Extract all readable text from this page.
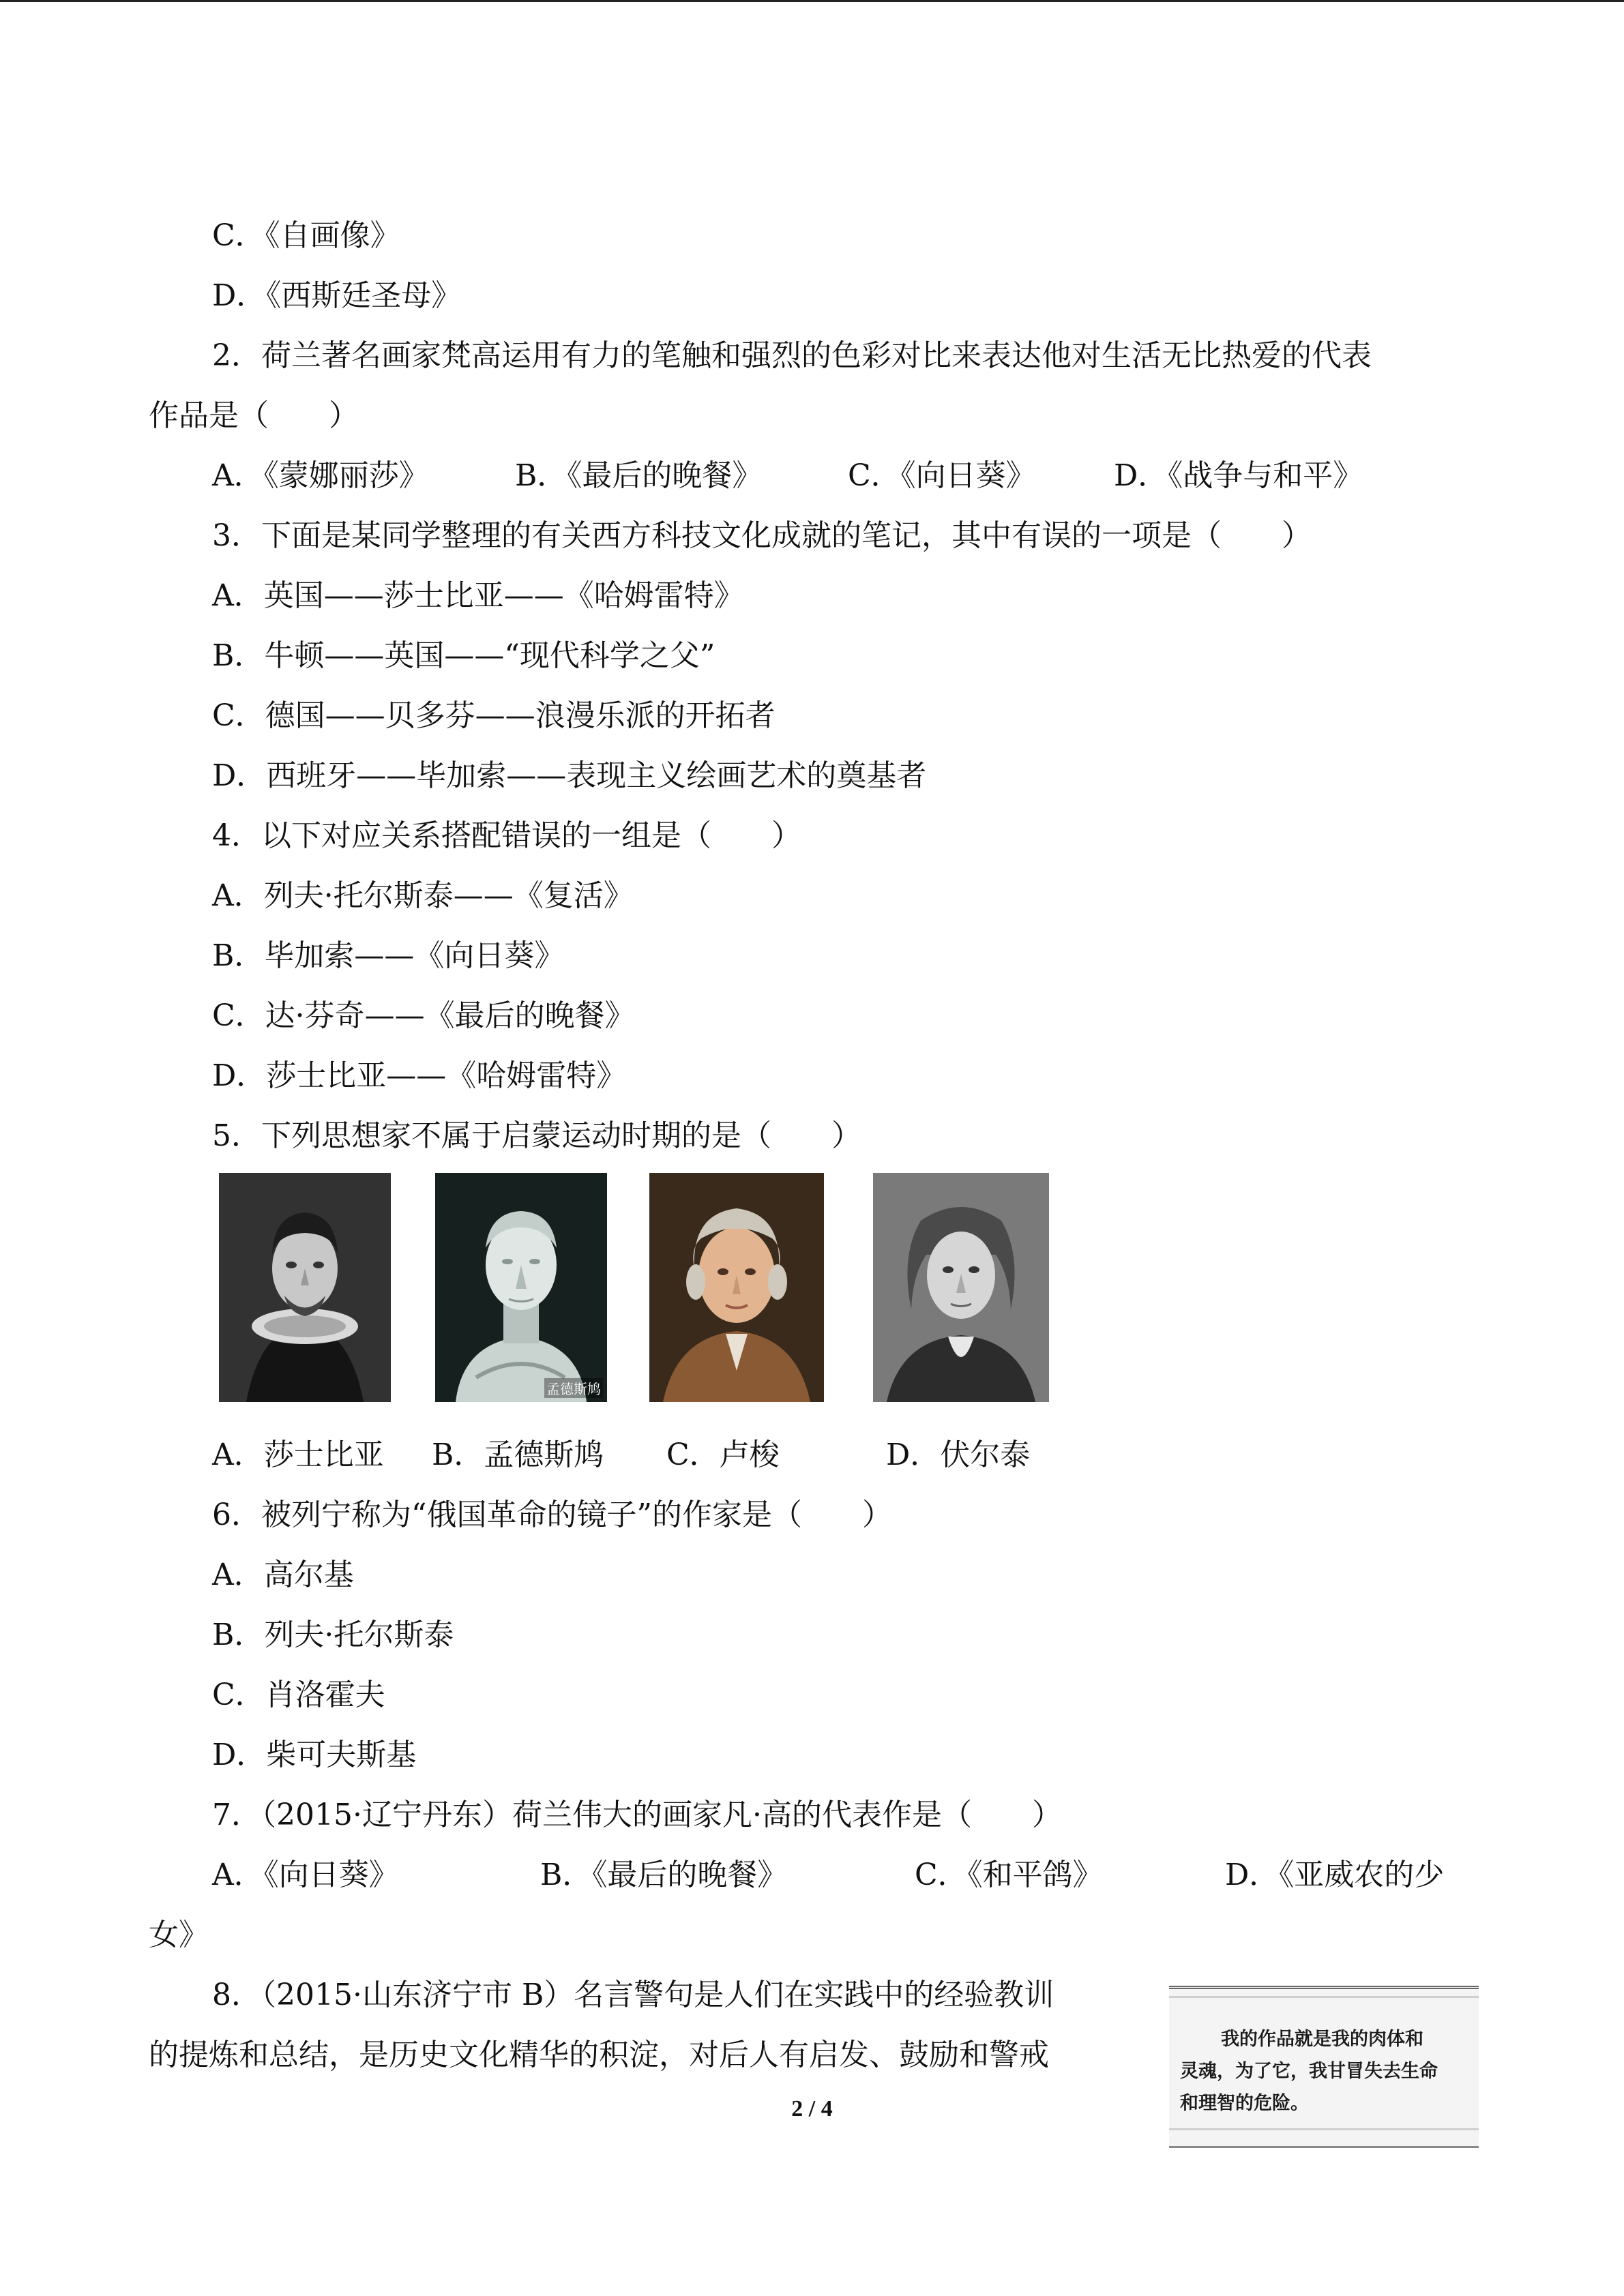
C．《自画像》

D．《西斯廷圣母》

2．荷兰著名画家梵高运用有力的笔触和强烈的色彩对比来表达他对生活无比热爱的代表

作品是（　　）

A．《蒙娜丽莎》	B．《最后的晚餐》	C．《向日葵》	D．《战争与和平》

3．下面是某同学整理的有关西方科技文化成就的笔记，其中有误的一项是（　　）

A．英国——莎士比亚——《哈姆雷特》

B．牛顿——英国——“现代科学之父”

C．德国——贝多芬——浪漫乐派的开拓者

D．西班牙——毕加索——表现主义绘画艺术的奠基者

4．以下对应关系搭配错误的一组是（　　）

A．列夫·托尔斯泰——《复活》

B．毕加索——《向日葵》

C．达·芬奇——《最后的晚餐》

D．莎士比亚——《哈姆雷特》

5．下列思想家不属于启蒙运动时期的是（　　）

孟德斯鸠
A．莎士比亚 B．孟德斯鸠 C．卢梭	D．伏尔泰

6．被列宁称为“俄国革命的镜子”的作家是（　　）

A．高尔基

B．列夫·托尔斯泰

C．肖洛霍夫

D．柴可夫斯基

7．（2015·辽宁丹东）荷兰伟大的画家凡·高的代表作是（　　）

A．《向日葵》	B．《最后的晚餐》	C．《和平鸽》	D．《亚威农的少

女》

8．（2015·山东济宁市 B）名言警句是人们在实践中的经验教训

的提炼和总结，是历史文化精华的积淀，对后人有启发、鼓励和警戒	我的作品就是我的肉体和
灵魂，为了它，我甘冒失去生命
和理智的危险。
2 / 4
